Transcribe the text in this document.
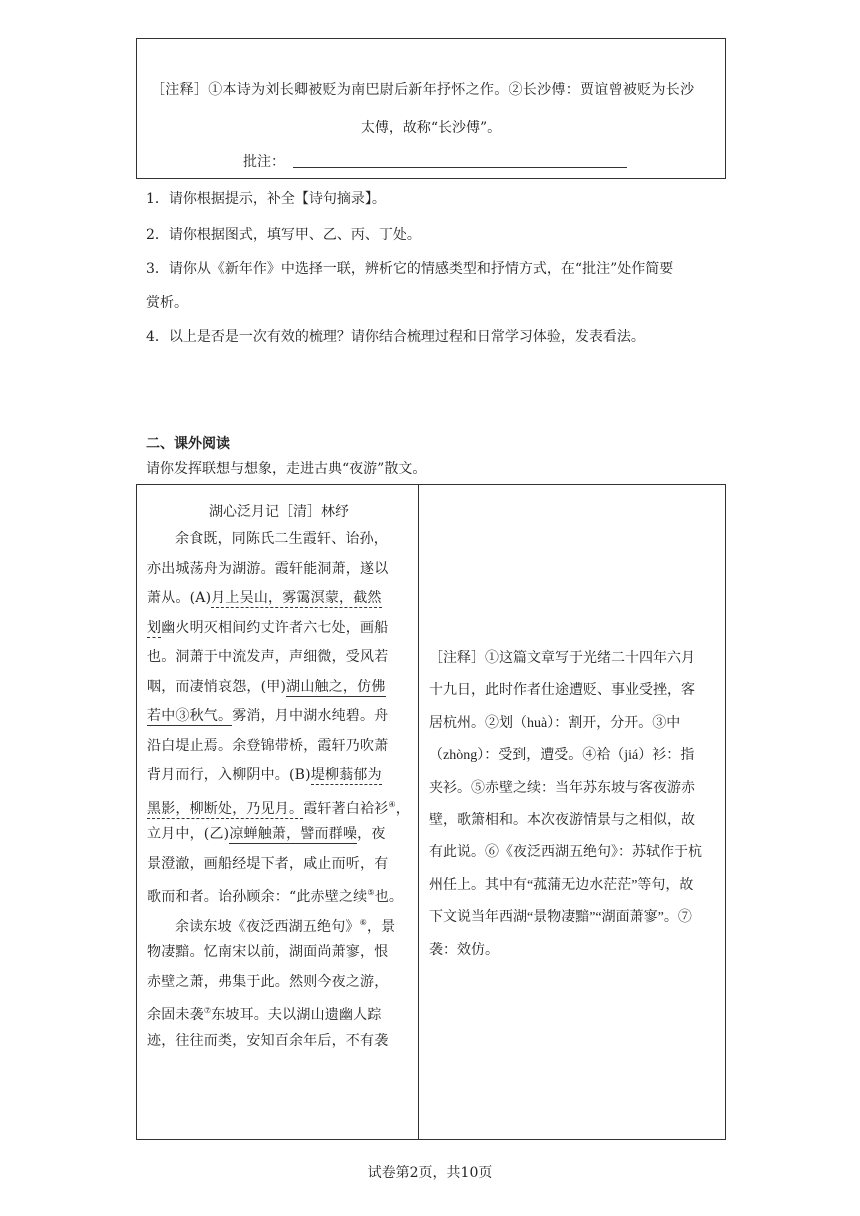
［注释］①本诗为刘长卿被贬为南巴尉后新年抒怀之作。②长沙傅：贾谊曾被贬为长沙
太傅，故称“长沙傅”。
批注：
1．请你根据提示，补全【诗句摘录】。
2．请你根据图式，填写甲、乙、丙、丁处。
3．请你从《新年作》中选择一联，辨析它的情感类型和抒情方式，在“批注”处作简要
赏析。
4．以上是否是一次有效的梳理？请你结合梳理过程和日常学习体验，发表看法。
二、课外阅读
请你发挥联想与想象，走进古典“夜游”散文。
湖心泛月记［清］林纾
余食既，同陈氏二生霞轩、诒孙，
亦出城荡舟为湖游。霞轩能洞萧，遂以
萧从。(A)月上吴山，雾霭溟蒙，截然
划幽火明灭相间约丈许者六七处，画船
也。洞萧于中流发声，声细微，受风若
咽，而凄悄哀怨，(甲)湖山触之，仿佛
若中③秋气。雾消，月中湖水纯碧。舟
沿白堤止焉。余登锦带桥，霞轩乃吹萧
背月而行，入柳阴中。(B)堤柳蓊郁为
黑影，柳断处，乃见月。霞轩著白袷衫④，
立月中，(乙)凉蝉触萧，譬而群噪，夜
景澄澈，画船经堤下者，咸止而听，有
歌而和者。诒孙顾余：“此赤壁之续⑤也。
余读东坡《夜泛西湖五绝句》⑥，景
物凄黯。忆南宋以前，湖面尚萧寥，恨
赤壁之萧，弗集于此。然则今夜之游，
余固未袭⑦东坡耳。夫以湖山遗幽人踪
迹，往往而类，安知百余年后，不有袭
［注释］①这篇文章写于光绪二十四年六月
十九日，此时作者仕途遭贬、事业受挫，客
居杭州。②划（huà）：割开，分开。③中
（zhòng）：受到，遭受。④袷（jiá）衫：指
夹衫。⑤赤壁之续：当年苏东坡与客夜游赤
壁，歌箫相和。本次夜游情景与之相似，故
有此说。⑥《夜泛西湖五绝句》：苏轼作于杭
州任上。其中有“菰蒲无边水茫茫”等句，故
下文说当年西湖“景物凄黯”“湖面萧寥”。⑦
袭：效仿。
试卷第2页，共10页
